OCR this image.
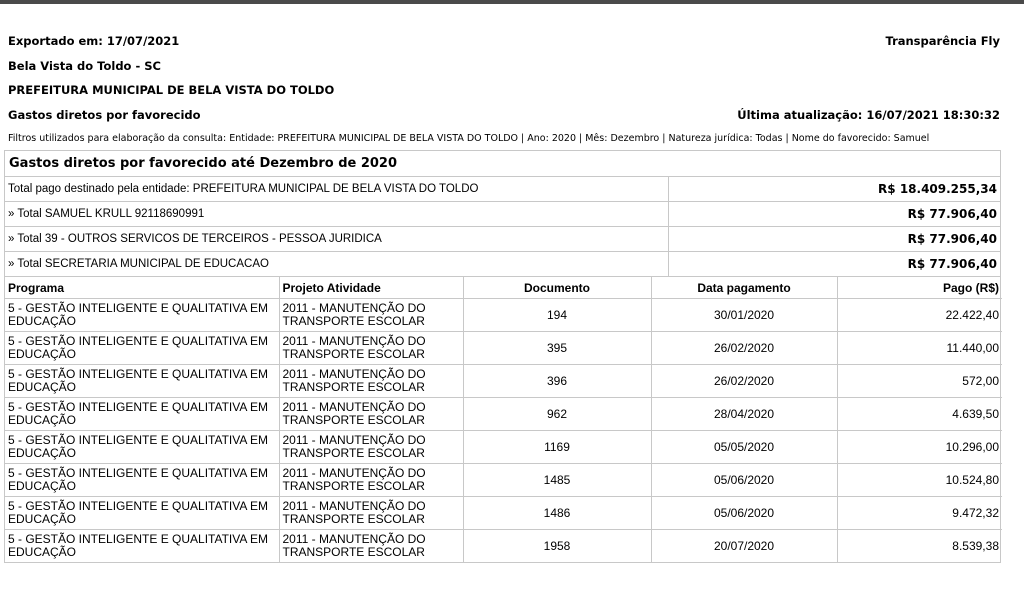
Exportado em: 17/07/2021	Transparência Fly
Bela Vista do Toldo - SC
PREFEITURA MUNICIPAL DE BELA VISTA DO TOLDO
Gastos diretos por favorecido	Última atualização: 16/07/2021 18:30:32
Filtros utilizados para elaboração da consulta: Entidade: PREFEITURA MUNICIPAL DE BELA VISTA DO TOLDO | Ano: 2020 | Mês: Dezembro | Natureza jurídica: Todas | Nome do favorecido: Samuel
Gastos diretos por favorecido até Dezembro de 2020
Total pago destinado pela entidade: PREFEITURA MUNICIPAL DE BELA VISTA DO TOLDO	R$ 18.409.255,34
» Total SAMUEL KRULL 92118690991	R$ 77.906,40
» Total 39 - OUTROS SERVICOS DE TERCEIROS - PESSOA JURIDICA	R$ 77.906,40
» Total SECRETARIA MUNICIPAL DE EDUCACAO	R$ 77.906,40
Programa	Projeto Atividade	Documento	Data pagamento	Pago (R$)
5 - GESTÃO INTELIGENTE E QUALITATIVA EM EDUCAÇÃO	2011 - MANUTENÇÃO DO TRANSPORTE ESCOLAR	194	30/01/2020	22.422,40
5 - GESTÃO INTELIGENTE E QUALITATIVA EM EDUCAÇÃO	2011 - MANUTENÇÃO DO TRANSPORTE ESCOLAR	395	26/02/2020	11.440,00
5 - GESTÃO INTELIGENTE E QUALITATIVA EM EDUCAÇÃO	2011 - MANUTENÇÃO DO TRANSPORTE ESCOLAR	396	26/02/2020	572,00
5 - GESTÃO INTELIGENTE E QUALITATIVA EM EDUCAÇÃO	2011 - MANUTENÇÃO DO TRANSPORTE ESCOLAR	962	28/04/2020	4.639,50
5 - GESTÃO INTELIGENTE E QUALITATIVA EM EDUCAÇÃO	2011 - MANUTENÇÃO DO TRANSPORTE ESCOLAR	1169	05/05/2020	10.296,00
5 - GESTÃO INTELIGENTE E QUALITATIVA EM EDUCAÇÃO	2011 - MANUTENÇÃO DO TRANSPORTE ESCOLAR	1485	05/06/2020	10.524,80
5 - GESTÃO INTELIGENTE E QUALITATIVA EM EDUCAÇÃO	2011 - MANUTENÇÃO DO TRANSPORTE ESCOLAR	1486	05/06/2020	9.472,32
5 - GESTÃO INTELIGENTE E QUALITATIVA EM EDUCAÇÃO	2011 - MANUTENÇÃO DO TRANSPORTE ESCOLAR	1958	20/07/2020	8.539,38
